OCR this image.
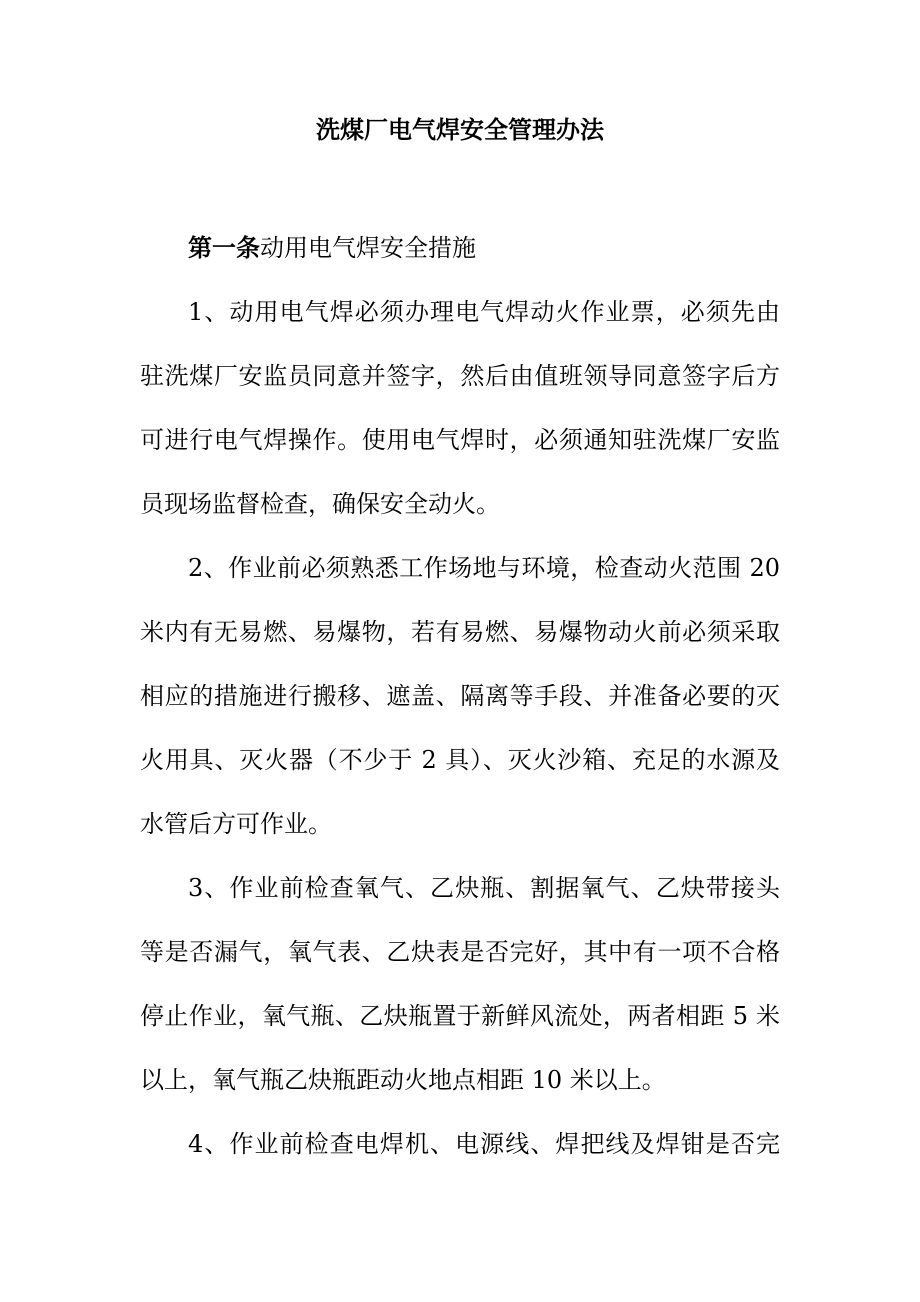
洗煤厂电气焊安全管理办法

第一条动用电气焊安全措施

1、动用电气焊必须办理电气焊动火作业票，必须先由
驻洗煤厂安监员同意并签字，然后由值班领导同意签字后方
可进行电气焊操作。使用电气焊时，必须通知驻洗煤厂安监
员现场监督检查，确保安全动火。
2、作业前必须熟悉工作场地与环境，检查动火范围 20
米内有无易燃、易爆物，若有易燃、易爆物动火前必须采取
相应的措施进行搬移、遮盖、隔离等手段、并准备必要的灭
火用具、灭火器（不少于 2 具）、灭火沙箱、充足的水源及
水管后方可作业。
3、作业前检查氧气、乙炔瓶、割据氧气、乙炔带接头
等是否漏气，氧气表、乙炔表是否完好，其中有一项不合格
停止作业，氧气瓶、乙炔瓶置于新鲜风流处，两者相距 5 米
以上，氧气瓶乙炔瓶距动火地点相距 10 米以上。
4、作业前检查电焊机、电源线、焊把线及焊钳是否完
